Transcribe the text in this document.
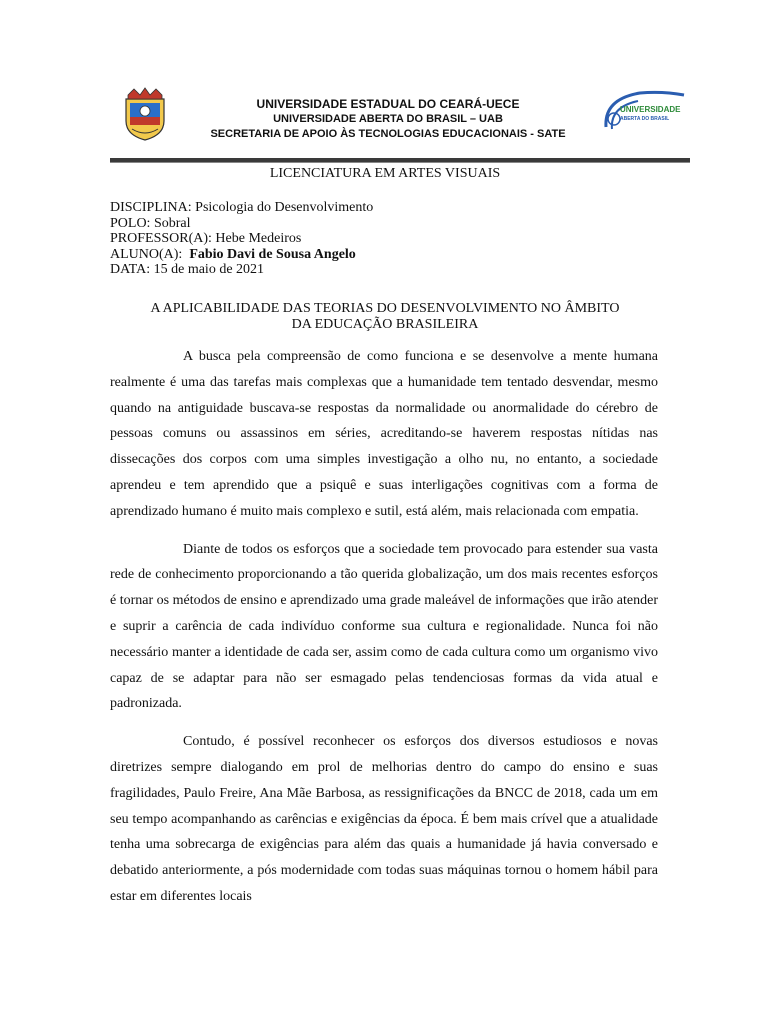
UNIVERSIDADE ESTADUAL DO CEARÁ-UECE
UNIVERSIDADE ABERTA DO BRASIL – UAB
SECRETARIA DE APOIO ÀS TECNOLOGIAS EDUCACIONAIS - SATE
UNIVERSIDADE
ABERTA DO BRASIL
LICENCIATURA EM ARTES VISUAIS
DISCIPLINA: Psicologia do Desenvolvimento
POLO: Sobral
PROFESSOR(A): Hebe Medeiros
ALUNO(A): Fabio Davi de Sousa Angelo
DATA: 15 de maio de 2021
A APLICABILIDADE DAS TEORIAS DO DESENVOLVIMENTO NO ÂMBITO
DA EDUCAÇÃO BRASILEIRA

A busca pela compreensão de como funciona e se desenvolve a mente humana realmente é uma das tarefas mais complexas que a humanidade tem tentado desvendar, mesmo quando na antiguidade buscava-se respostas da normalidade ou anormalidade do cérebro de pessoas comuns ou assassinos em séries, acreditando-se haverem respostas nítidas nas dissecações dos corpos com uma simples investigação a olho nu, no entanto, a sociedade aprendeu e tem aprendido que a psiquê e suas interligações cognitivas com a forma de aprendizado humano é muito mais complexo e sutil, está além, mais relacionada com empatia.

Diante de todos os esforços que a sociedade tem provocado para estender sua vasta rede de conhecimento proporcionando a tão querida globalização, um dos mais recentes esforços é tornar os métodos de ensino e aprendizado uma grade maleável de informações que irão atender e suprir a carência de cada indivíduo conforme sua cultura e regionalidade. Nunca foi não necessário manter a identidade de cada ser, assim como de cada cultura como um organismo vivo capaz de se adaptar para não ser esmagado pelas tendenciosas formas da vida atual e padronizada.

Contudo, é possível reconhecer os esforços dos diversos estudiosos e novas diretrizes sempre dialogando em prol de melhorias dentro do campo do ensino e suas fragilidades, Paulo Freire, Ana Mãe Barbosa, as ressignificações da BNCC de 2018, cada um em seu tempo acompanhando as carências e exigências da época. É bem mais crível que a atualidade tenha uma sobrecarga de exigências para além das quais a humanidade já havia conversado e debatido anteriormente, a pós modernidade com todas suas máquinas tornou o homem hábil para estar em diferentes locais
